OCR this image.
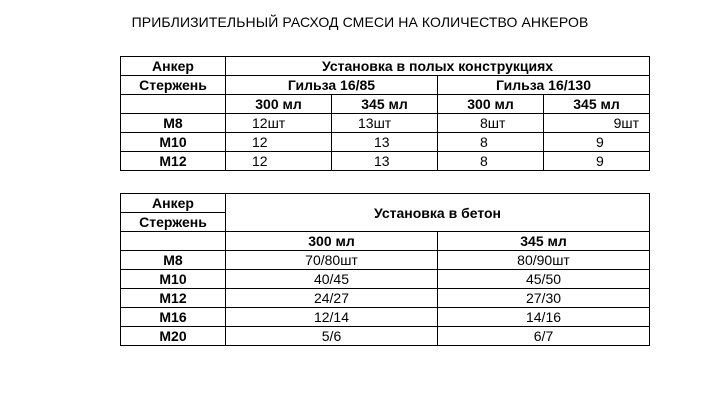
ПРИБЛИЗИТЕЛЬНЫЙ РАСХОД СМЕСИ НА КОЛИЧЕСТВО АНКЕРОВ
Анкер	Установка в полых конструкциях			
Стержень	Гильза 16/85		Гильза 16/130	
	300 мл	345 мл	300 мл	345 мл
М8	12шт	13шт	8шт	9шт
М10	12	13	8	9
М12	12	13	8	9
Анкер	Установка в бетон	
Стержень		
	300 мл	345 мл
М8	70/80шт	80/90шт
М10	40/45	45/50
М12	24/27	27/30
М16	12/14	14/16
М20	5/6	6/7
